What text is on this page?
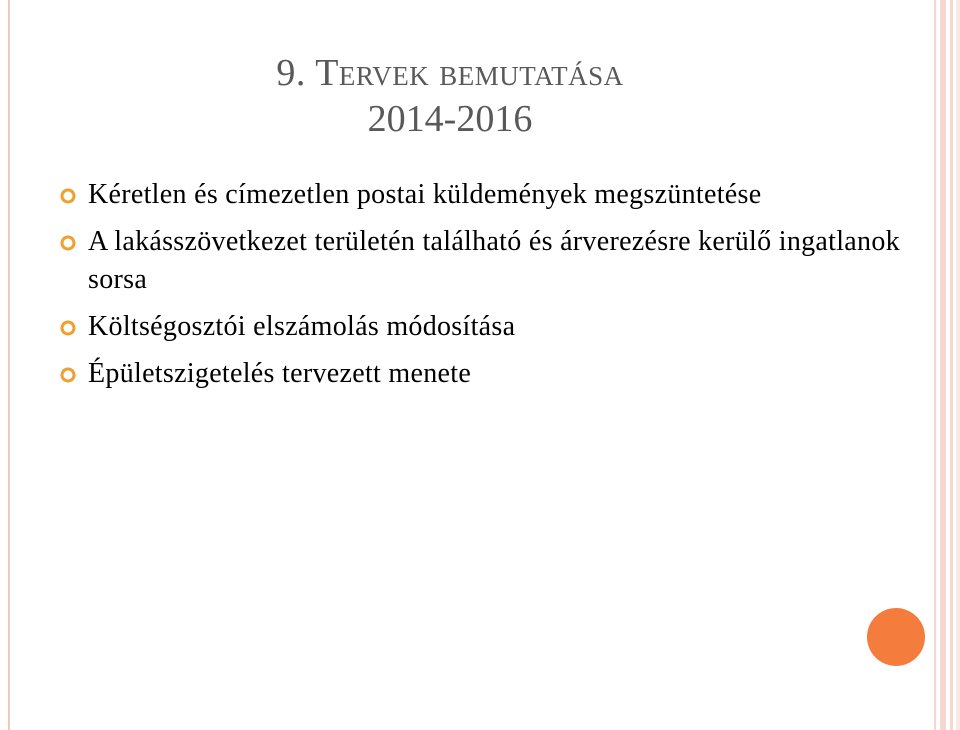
9. Tervek bemutatása
2014-2016
Kéretlen és címezetlen postai küldemények megszüntetése
A lakásszövetkezet területén található és árverezésre kerülő ingatlanok sorsa
Költségosztói elszámolás módosítása
Épületszigetelés tervezett menete
